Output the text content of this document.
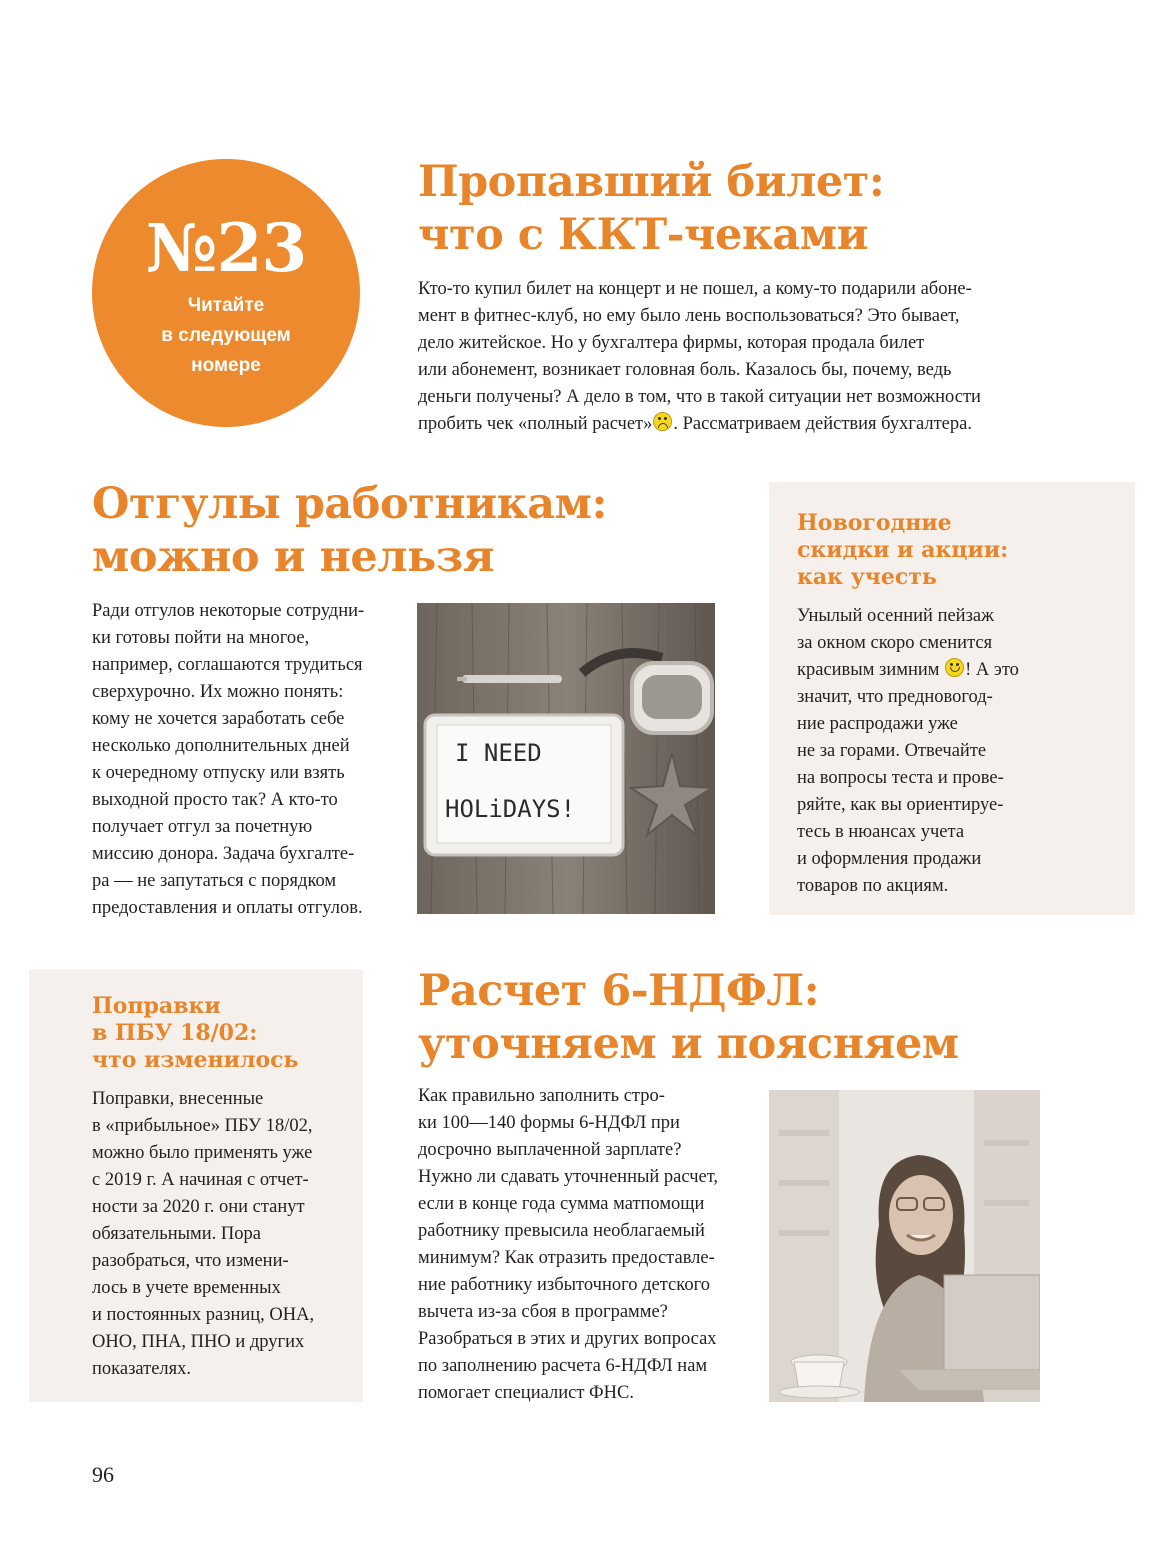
№23
Читайте
в следующем
номере
Пропавший билет:
что с ККТ-чеками

Кто-то купил билет на концерт и не пошел, а кому-то подарили абоне-

мент в фитнес-клуб, но ему было лень воспользоваться? Это бывает,

дело житейское. Но у бухгалтера фирмы, которая продала билет

или абонемент, возникает головная боль. Казалось бы, почему, ведь

деньги получены? А дело в том, что в такой ситуации нет возможности

пробить чек «полный расчет» . Рассматриваем действия бухгалтера.

Отгулы работникам:
можно и нельзя

Ради отгулов некоторые сотрудни-

ки готовы пойти на многое,

например, соглашаются трудиться

сверхурочно. Их можно понять:

кому не хочется заработать себе

несколько дополнительных дней

к очередному отпуску или взять

выходной просто так? А кто-то

получает отгул за почетную

миссию донора. Задача бухгалте-

ра — не запутаться с порядком

предоставления и оплаты отгулов.

I NEED
HOLiDAYS!
Новогодние
скидки и акции:
как учесть

Унылый осенний пейзаж

за окном скоро сменится

красивым зимним ! А это

значит, что предновогод-

ние распродажи уже

не за горами. Отвечайте

на вопросы теста и прове-

ряйте, как вы ориентируе-

тесь в нюансах учета

и оформления продажи

товаров по акциям.

Поправки
в ПБУ 18/02:
что изменилось

Поправки, внесенные

в «прибыльное» ПБУ 18/02,

можно было применять уже

с 2019 г. А начиная с отчет-

ности за 2020 г. они станут

обязательными. Пора

разобраться, что измени-

лось в учете временных

и постоянных разниц, ОНА,

ОНО, ПНА, ПНО и других

показателях.

Расчет 6-НДФЛ:
уточняем и поясняем

Как правильно заполнить стро-

ки 100—140 формы 6-НДФЛ при

досрочно выплаченной зарплате?

Нужно ли сдавать уточненный расчет,

если в конце года сумма матпомощи

работнику превысила необлагаемый

минимум? Как отразить предоставле-

ние работнику избыточного детского

вычета из-за сбоя в программе?

Разобраться в этих и других вопросах

по заполнению расчета 6-НДФЛ нам

помогает специалист ФНС.

96
